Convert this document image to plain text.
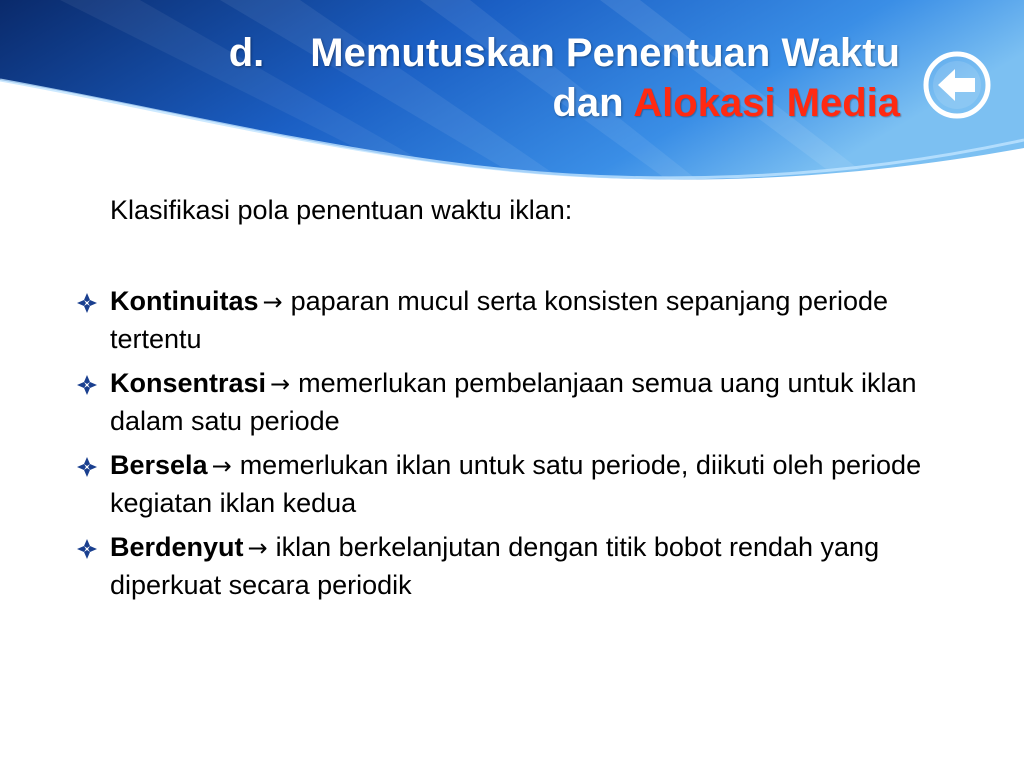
d. Memutuskan Penentuan Waktu
dan Alokasi Media
Klasifikasi pola penentuan waktu iklan:
Kontinuitas → paparan mucul serta konsisten sepanjang periode tertentu
Konsentrasi → memerlukan pembelanjaan semua uang untuk iklan dalam satu periode
Bersela → memerlukan iklan untuk satu periode, diikuti oleh periode kegiatan iklan kedua
Berdenyut → iklan berkelanjutan dengan titik bobot rendah yang diperkuat secara periodik
